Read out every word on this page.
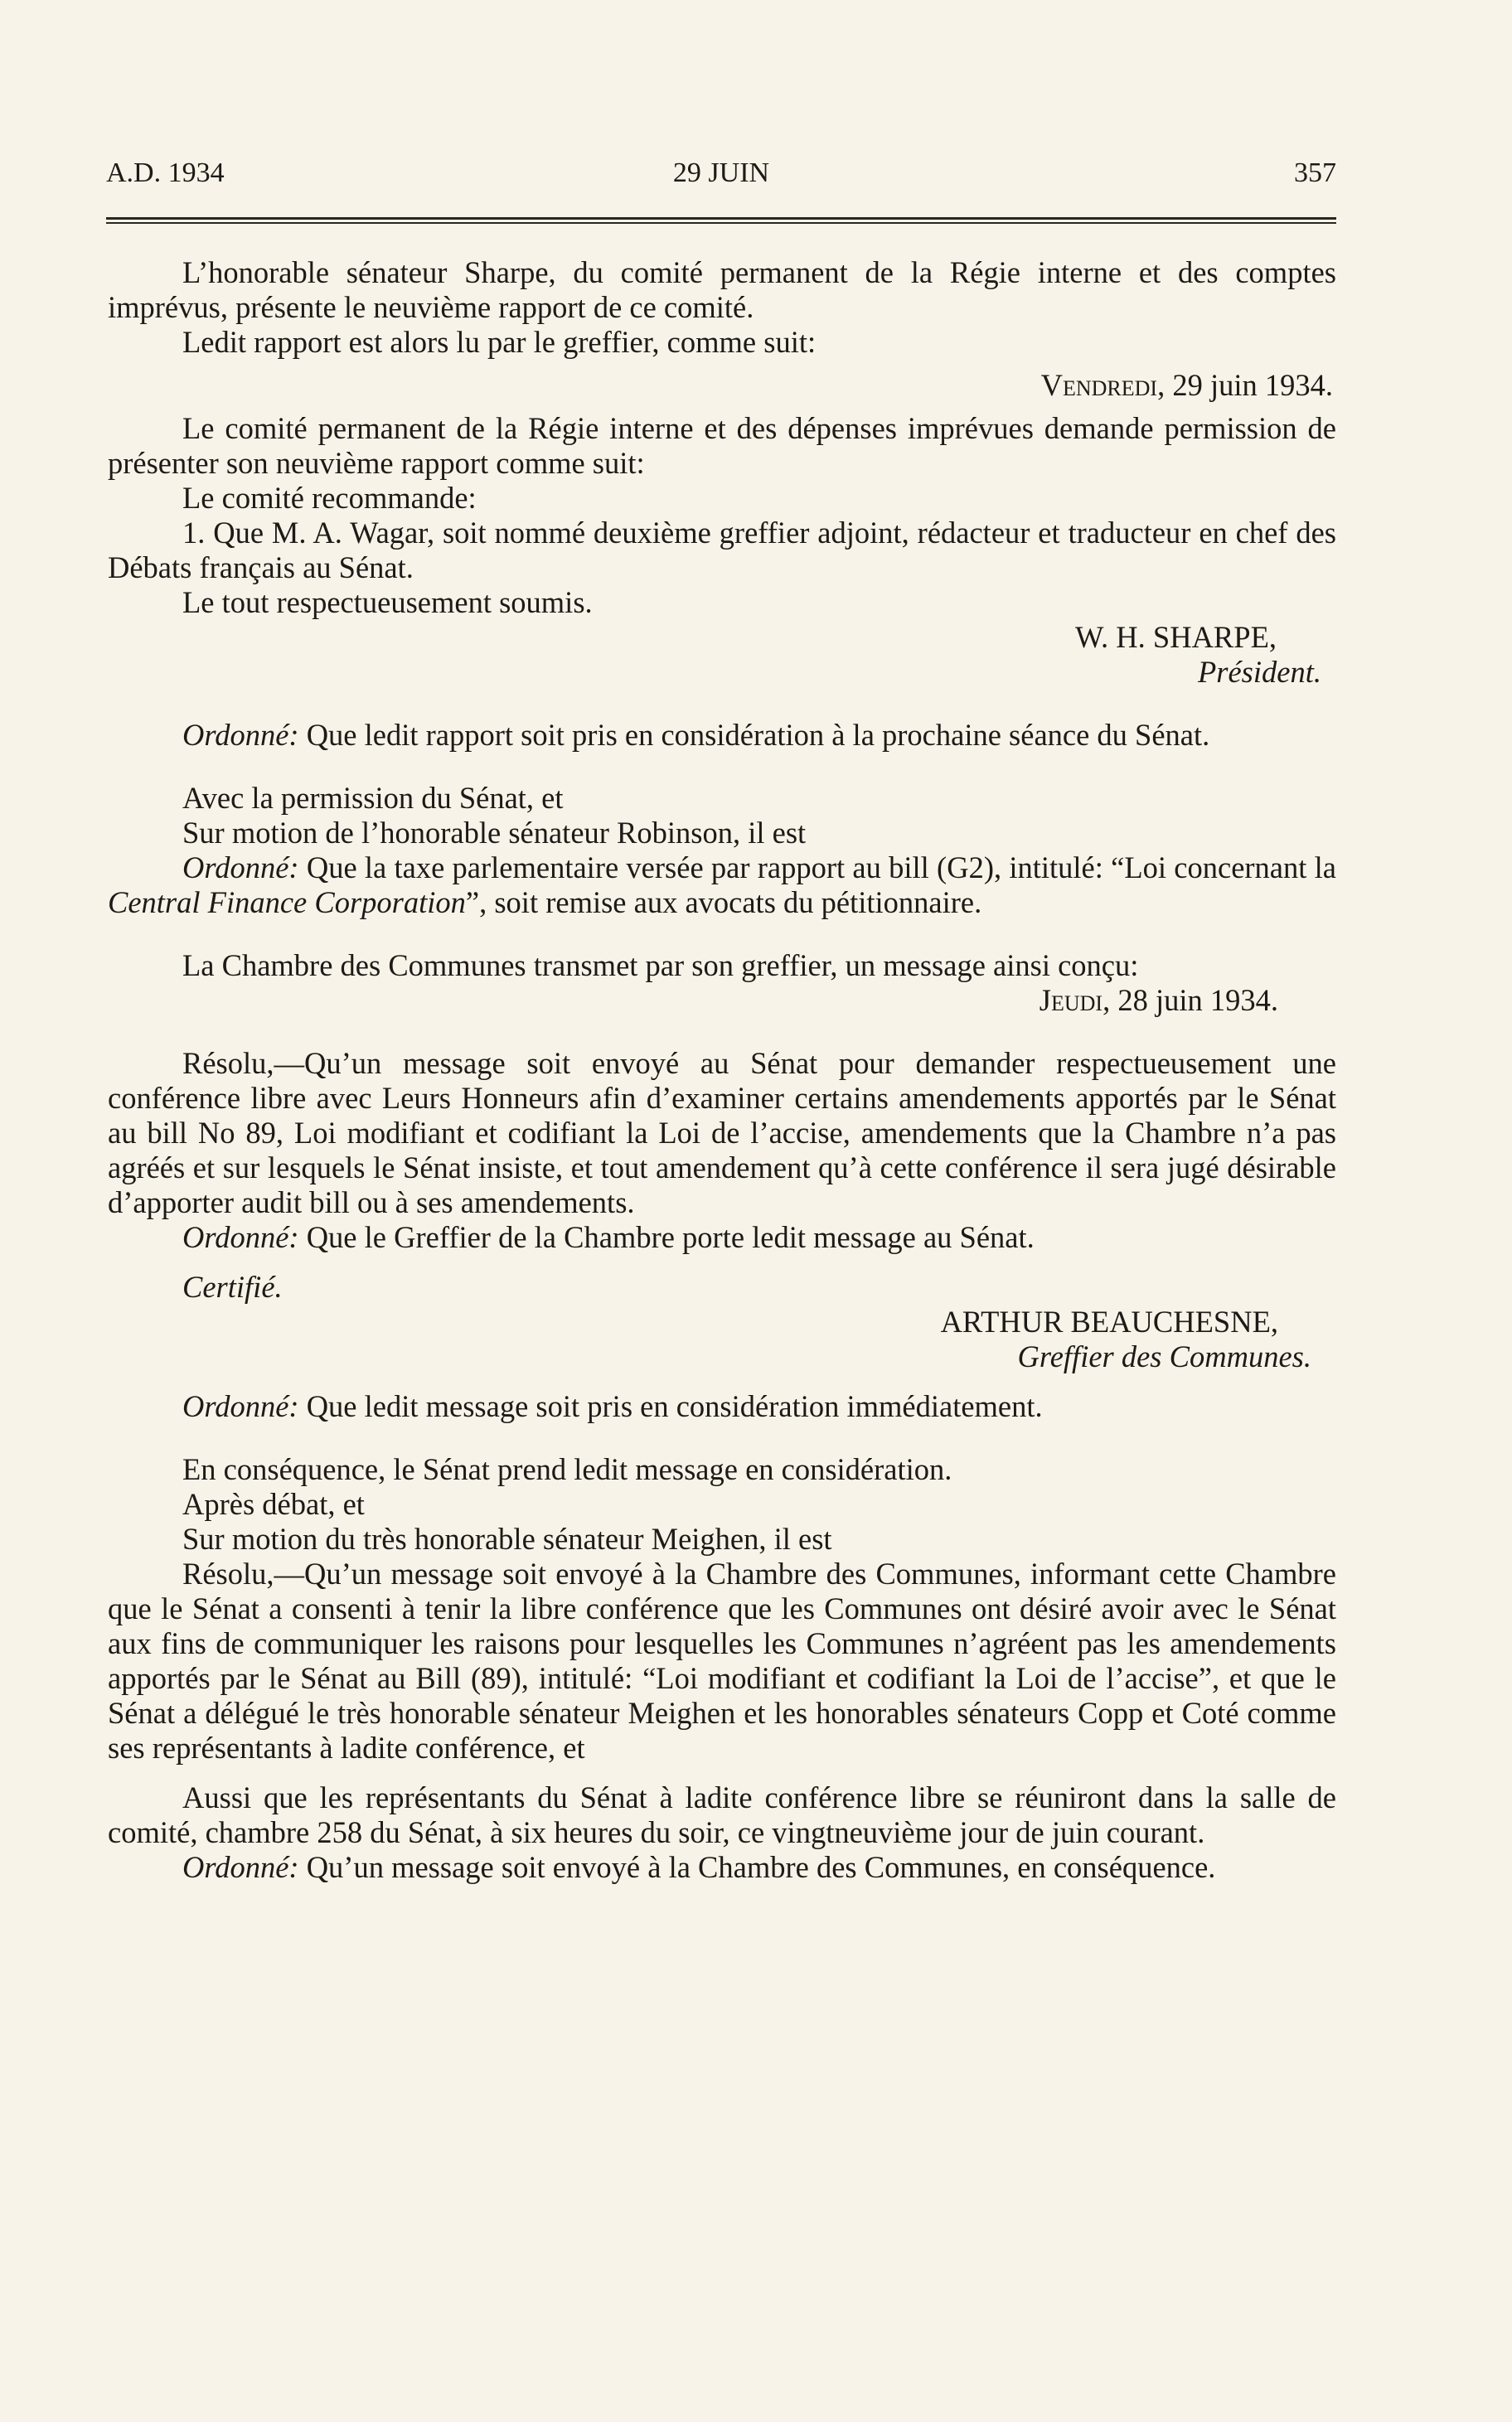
A.D. 1934	29 JUIN	357

L’honorable sénateur Sharpe, du comité permanent de la Régie interne et des comptes imprévus, présente le neuvième rapport de ce comité.

Ledit rapport est alors lu par le greffier, comme suit:

Vendredi, 29 juin 1934.

Le comité permanent de la Régie interne et des dépenses imprévues demande permission de présenter son neuvième rapport comme suit:

Le comité recommande:

1. Que M. A. Wagar, soit nommé deuxième greffier adjoint, rédacteur et traducteur en chef des Débats français au Sénat.

Le tout respectueusement soumis.

W. H. SHARPE,

Président.

Ordonné: Que ledit rapport soit pris en considération à la prochaine séance du Sénat.

Avec la permission du Sénat, et

Sur motion de l’honorable sénateur Robinson, il est

Ordonné: Que la taxe parlementaire versée par rapport au bill (G2), intitulé: “Loi concernant la Central Finance Corporation”, soit remise aux avocats du pétitionnaire.

La Chambre des Communes transmet par son greffier, un message ainsi conçu:

Jeudi, 28 juin 1934.

Résolu,—Qu’un message soit envoyé au Sénat pour demander respectueusement une conférence libre avec Leurs Honneurs afin d’examiner certains amendements apportés par le Sénat au bill No 89, Loi modifiant et codifiant la Loi de l’accise, amendements que la Chambre n’a pas agréés et sur lesquels le Sénat insiste, et tout amendement qu’à cette conférence il sera jugé désirable d’apporter audit bill ou à ses amendements.

Ordonné: Que le Greffier de la Chambre porte ledit message au Sénat.

Certifié.

ARTHUR BEAUCHESNE,

Greffier des Communes.

Ordonné: Que ledit message soit pris en considération immédiatement.

En conséquence, le Sénat prend ledit message en considération.

Après débat, et

Sur motion du très honorable sénateur Meighen, il est

Résolu,—Qu’un message soit envoyé à la Chambre des Communes, informant cette Chambre que le Sénat a consenti à tenir la libre conférence que les Communes ont désiré avoir avec le Sénat aux fins de communiquer les raisons pour lesquelles les Communes n’agréent pas les amendements apportés par le Sénat au Bill (89), intitulé: “Loi modifiant et codifiant la Loi de l’accise”, et que le Sénat a délégué le très honorable sénateur Meighen et les honorables sénateurs Copp et Coté comme ses représentants à ladite conférence, et

Aussi que les représentants du Sénat à ladite conférence libre se réuniront dans la salle de comité, chambre 258 du Sénat, à six heures du soir, ce vingtneuvième jour de juin courant.

Ordonné: Qu’un message soit envoyé à la Chambre des Communes, en conséquence.
